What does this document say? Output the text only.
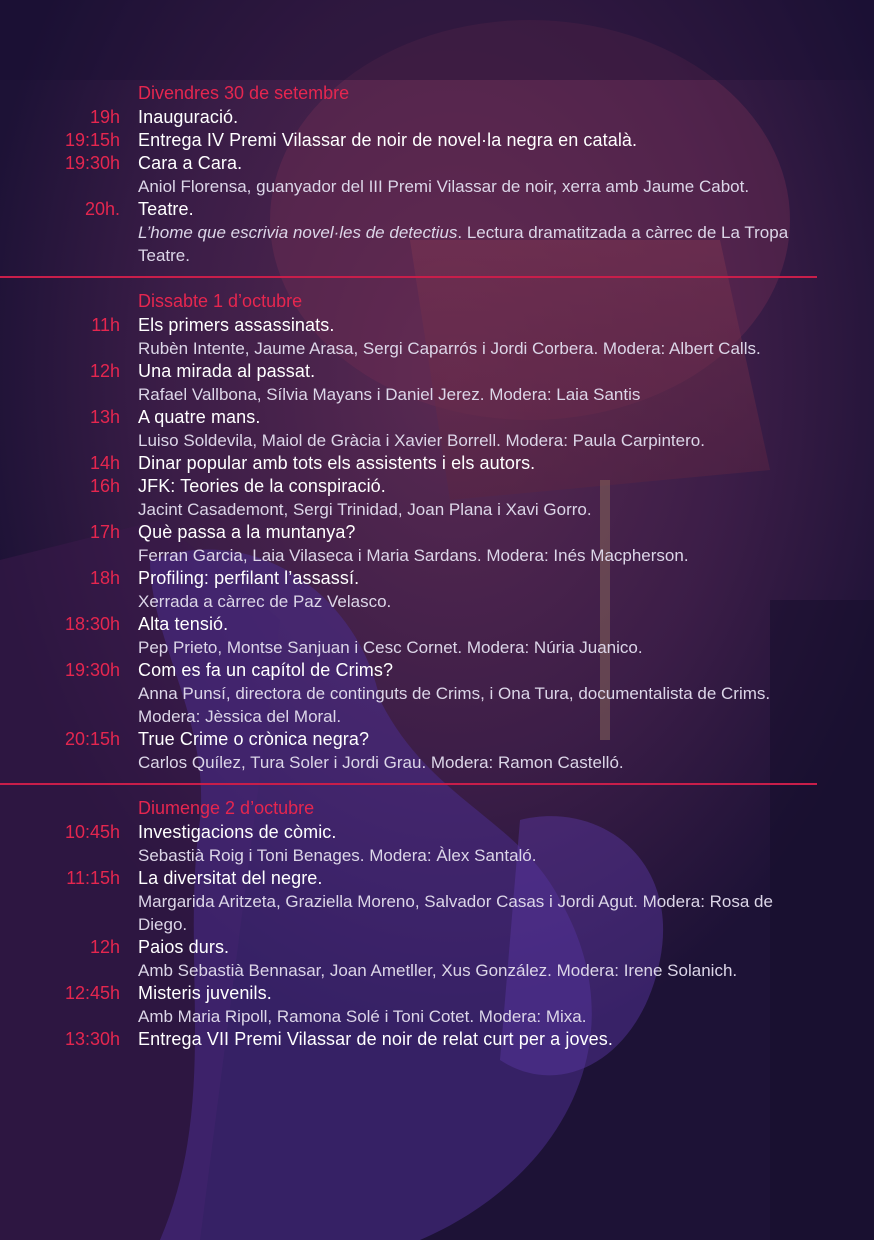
Divendres 30 de setembre
19h Inauguració.
19:15h Entrega IV Premi Vilassar de noir de novel·la negra en català.
19:30h Cara a Cara.
Aniol Florensa, guanyador del III Premi Vilassar de noir, xerra amb Jaume Cabot.
20h. Teatre.
L’home que escrivia novel·les de detectius. Lectura dramatitzada a càrrec de La Tropa Teatre.
Dissabte 1 d’octubre
11h Els primers assassinats.
Rubèn Intente, Jaume Arasa, Sergi Caparrós i Jordi Corbera. Modera: Albert Calls.
12h Una mirada al passat.
Rafael Vallbona, Sílvia Mayans i Daniel Jerez. Modera: Laia Santis
13h A quatre mans.
Luiso Soldevila, Maiol de Gràcia i Xavier Borrell. Modera: Paula Carpintero.
14h Dinar popular amb tots els assistents i els autors.
16h JFK: Teories de la conspiració.
Jacint Casademont, Sergi Trinidad, Joan Plana i Xavi Gorro.
17h Què passa a la muntanya?
Ferran Garcia, Laia Vilaseca i Maria Sardans. Modera: Inés Macpherson.
18h Profiling: perfilant l’assassí.
Xerrada a càrrec de Paz Velasco.
18:30h Alta tensió.
Pep Prieto, Montse Sanjuan i Cesc Cornet. Modera: Núria Juanico.
19:30h Com es fa un capítol de Crims?
Anna Punsí, directora de continguts de Crims, i Ona Tura, documentalista de Crims. Modera: Jèssica del Moral.
20:15h True Crime o crònica negra?
Carlos Quílez, Tura Soler i Jordi Grau. Modera: Ramon Castelló.
Diumenge 2 d’octubre
10:45h Investigacions de còmic.
Sebastià Roig i Toni Benages. Modera: Àlex Santaló.
11:15h La diversitat del negre.
Margarida Aritzeta, Graziella Moreno, Salvador Casas i Jordi Agut. Modera: Rosa de Diego.
12h Paios durs.
Amb Sebastià Bennasar, Joan Ametller, Xus González. Modera: Irene Solanich.
12:45h Misteris juvenils.
Amb Maria Ripoll, Ramona Solé i Toni Cotet. Modera: Mixa.
13:30h Entrega VII Premi Vilassar de noir de relat curt per a joves.
